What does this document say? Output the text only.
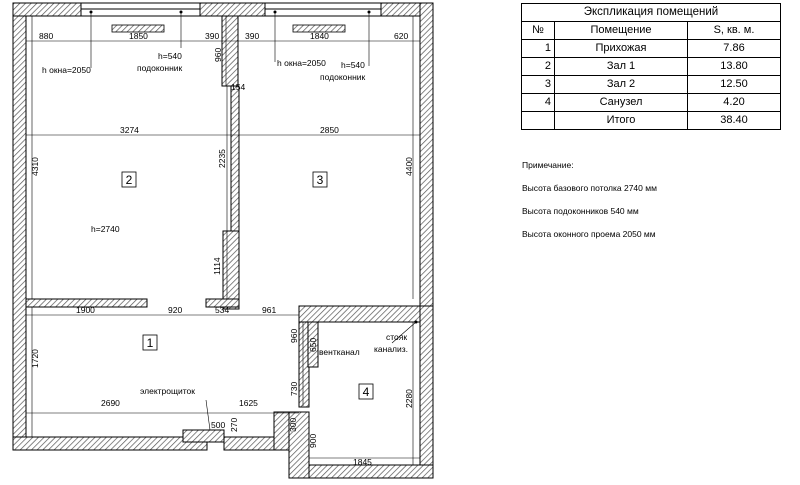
1
2	3
4
h окна=2050
h=540
подоконник	h окна=2050 h=540
подоконник
h=2740
вентканал
стояк
канализ.
электрощиток
880	1850	390	390	1840	620
154
3274	2850
1900	920	534	961
2690	1625
500
1845
960
4310	2235	4400
1114
960
650
1720
730
2280
270	300
900
Экспликация помещений		
№	Помещение	S, кв. м.
1	Прихожая	7.86
2	Зал 1	13.80
3	Зал 2	12.50
4	Санузел	4.20
	Итого	38.40
Примечание:
Высота базового потолка 2740 мм
Высота подоконников 540 мм
Высота оконного проема 2050 мм
